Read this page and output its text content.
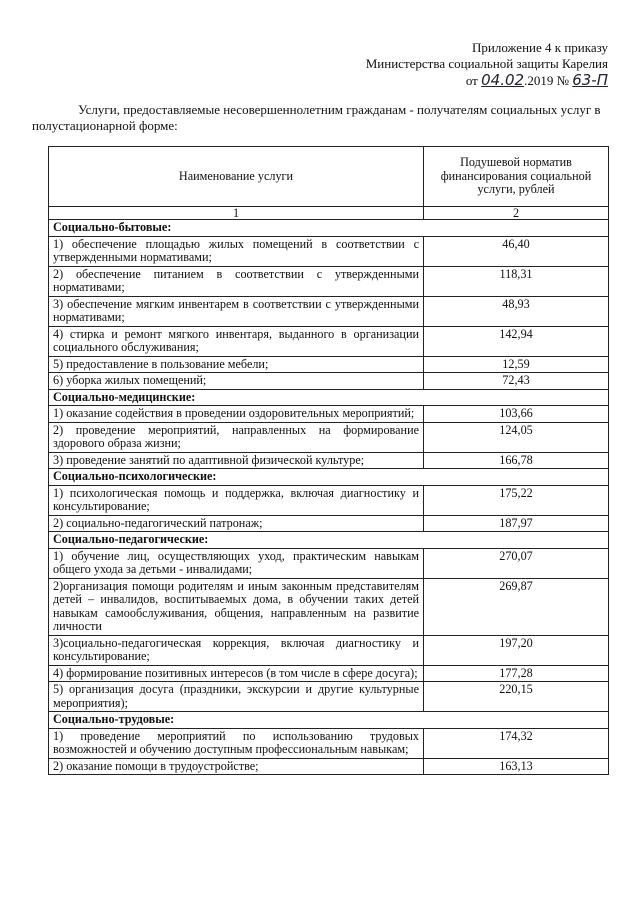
Приложение 4 к приказу
Министерства социальной защиты Карелия
от 04.02.2019 № 63-П
Услуги, предоставляемые несовершеннолетним гражданам - получателям социальных услуг в полустационарной форме:
Наименование услуги	Подушевой норматив финансирования социальной услуги, рублей
1	2
Социально-бытовые:	
1) обеспечение площадью жилых помещений в соответствии с утвержденными нормативами;	46,40
2) обеспечение питанием в соответствии с утвержденными нормативами;	118,31
3) обеспечение мягким инвентарем в соответствии с утвержденными нормативами;	48,93
4) стирка и ремонт мягкого инвентаря, выданного в организации социального обслуживания;	142,94
5) предоставление в пользование мебели;	12,59
6) уборка жилых помещений;	72,43
Социально-медицинские:	
1) оказание содействия в проведении оздоровительных мероприятий;	103,66
2) проведение мероприятий, направленных на формирование здорового образа жизни;	124,05
3) проведение занятий по адаптивной физической культуре;	166,78
Социально-психологические:	
1) психологическая помощь и поддержка, включая диагностику и консультирование;	175,22
2) социально-педагогический патронаж;	187,97
Социально-педагогические:	
1) обучение лиц, осуществляющих уход, практическим навыкам общего ухода за детьми - инвалидами;	270,07
2)организация помощи родителям и иным законным представителям детей – инвалидов, воспитываемых дома, в обучении таких детей навыкам самообслуживания, общения, направленным на развитие личности	269,87
3)социально-педагогическая коррекция, включая диагностику и консультирование;	197,20
4) формирование позитивных интересов (в том числе в сфере досуга);	177,28
5) организация досуга (праздники, экскурсии и другие культурные мероприятия);	220,15
Социально-трудовые:	
1) проведение мероприятий по использованию трудовых возможностей и обучению доступным профессиональным навыкам;	174,32
2) оказание помощи в трудоустройстве;	163,13
